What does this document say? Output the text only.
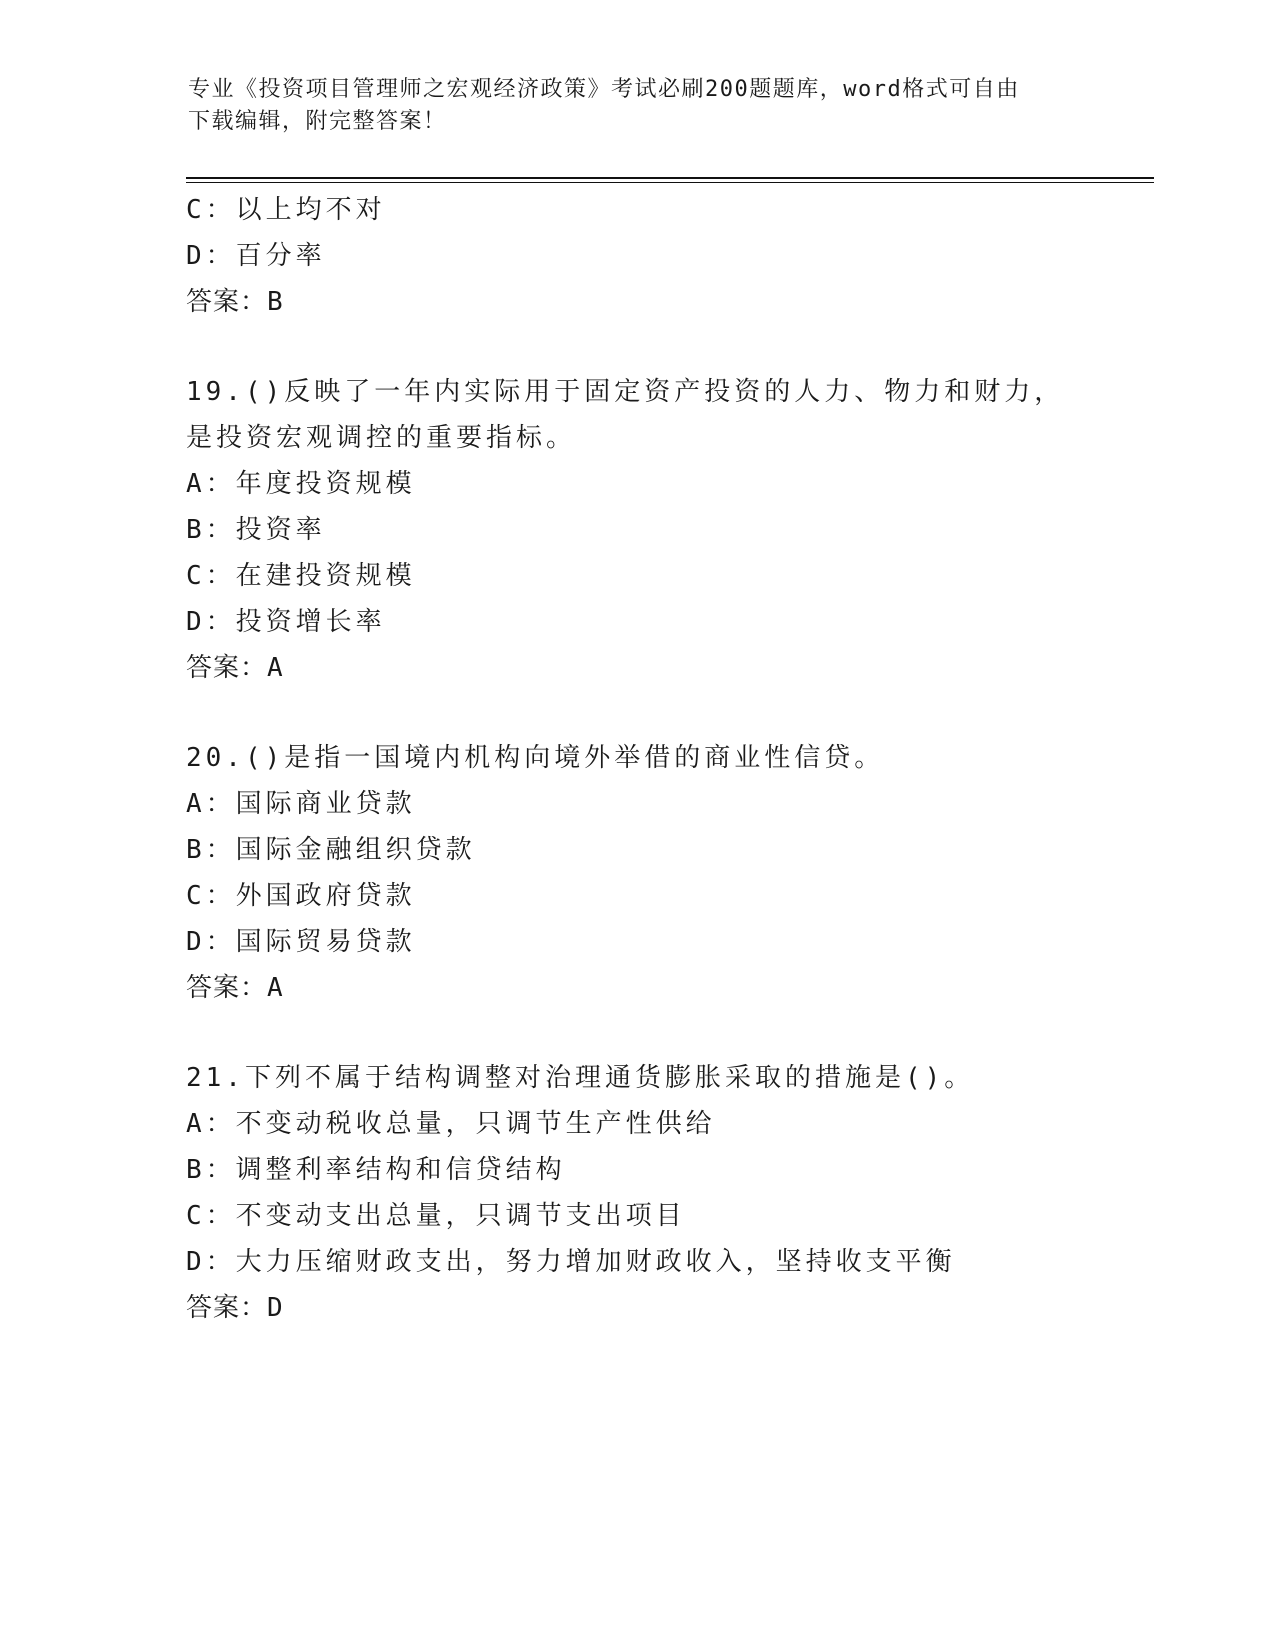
专业《投资项目管理师之宏观经济政策》考试必刷200题题库，word格式可自由
下载编辑，附完整答案！
C：以上均不对
D：百分率
答案：B
19.()反映了一年内实际用于固定资产投资的人力、物力和财力，是投资宏观调控的重要指标。
A：年度投资规模
B：投资率
C：在建投资规模
D：投资增长率
答案：A
20.()是指一国境内机构向境外举借的商业性信贷。
A：国际商业贷款
B：国际金融组织贷款
C：外国政府贷款
D：国际贸易贷款
答案：A
21.下列不属于结构调整对治理通货膨胀采取的措施是()。
A：不变动税收总量，只调节生产性供给
B：调整利率结构和信贷结构
C：不变动支出总量，只调节支出项目
D：大力压缩财政支出，努力增加财政收入，坚持收支平衡
答案：D
